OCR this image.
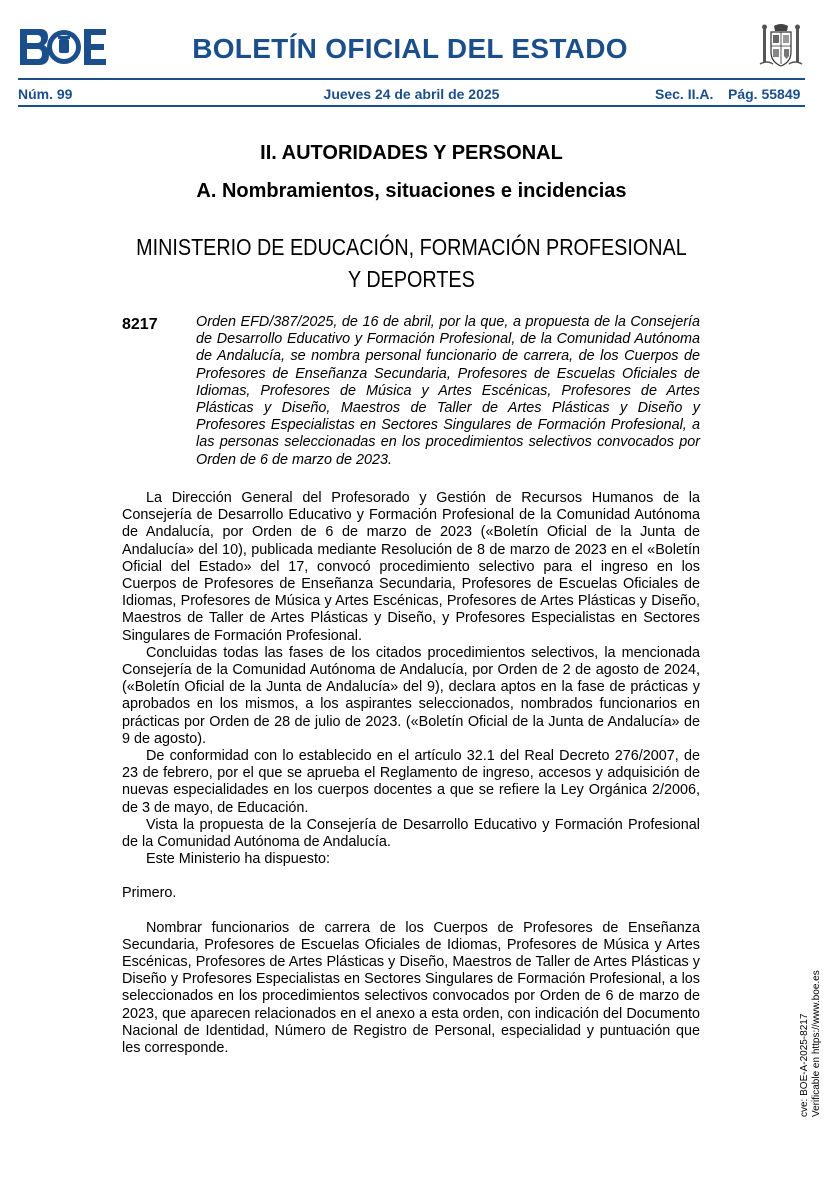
BOLETÍN OFICIAL DEL ESTADO
Núm. 99	Jueves 24 de abril de 2025	Sec. II.A. Pág. 55849
II. AUTORIDADES Y PERSONAL
A. Nombramientos, situaciones e incidencias
MINISTERIO DE EDUCACIÓN, FORMACIÓN PROFESIONAL
Y DEPORTES
8217	Orden EFD/387/2025, de 16 de abril, por la que, a propuesta de la Consejería de Desarrollo Educativo y Formación Profesional, de la Comunidad Autónoma de Andalucía, se nombra personal funcionario de carrera, de los Cuerpos de Profesores de Enseñanza Secundaria, Profesores de Escuelas Oficiales de Idiomas, Profesores de Música y Artes Escénicas, Profesores de Artes Plásticas y Diseño, Maestros de Taller de Artes Plásticas y Diseño y Profesores Especialistas en Sectores Singulares de Formación Profesional, a las personas seleccionadas en los procedimientos selectivos convocados por Orden de 6 de marzo de 2023.

La Dirección General del Profesorado y Gestión de Recursos Humanos de la Consejería de Desarrollo Educativo y Formación Profesional de la Comunidad Autónoma de Andalucía, por Orden de 6 de marzo de 2023 («Boletín Oficial de la Junta de Andalucía» del 10), publicada mediante Resolución de 8 de marzo de 2023 en el «Boletín Oficial del Estado» del 17, convocó procedimiento selectivo para el ingreso en los Cuerpos de Profesores de Enseñanza Secundaria, Profesores de Escuelas Oficiales de Idiomas, Profesores de Música y Artes Escénicas, Profesores de Artes Plásticas y Diseño, Maestros de Taller de Artes Plásticas y Diseño, y Profesores Especialistas en Sectores Singulares de Formación Profesional.

Concluidas todas las fases de los citados procedimientos selectivos, la mencionada Consejería de la Comunidad Autónoma de Andalucía, por Orden de 2 de agosto de 2024, («Boletín Oficial de la Junta de Andalucía» del 9), declara aptos en la fase de prácticas y aprobados en los mismos, a los aspirantes seleccionados, nombrados funcionarios en prácticas por Orden de 28 de julio de 2023. («Boletín Oficial de la Junta de Andalucía» de 9 de agosto).

De conformidad con lo establecido en el artículo 32.1 del Real Decreto 276/2007, de 23 de febrero, por el que se aprueba el Reglamento de ingreso, accesos y adquisición de nuevas especialidades en los cuerpos docentes a que se refiere la Ley Orgánica 2/2006, de 3 de mayo, de Educación.

Vista la propuesta de la Consejería de Desarrollo Educativo y Formación Profesional de la Comunidad Autónoma de Andalucía.

Este Ministerio ha dispuesto:

Primero.

Nombrar funcionarios de carrera de los Cuerpos de Profesores de Enseñanza Secundaria, Profesores de Escuelas Oficiales de Idiomas, Profesores de Música y Artes Escénicas, Profesores de Artes Plásticas y Diseño, Maestros de Taller de Artes Plásticas y Diseño y Profesores Especialistas en Sectores Singulares de Formación Profesional, a los seleccionados en los procedimientos selectivos convocados por Orden de 6 de marzo de 2023, que aparecen relacionados en el anexo a esta orden, con indicación del Documento Nacional de Identidad, Número de Registro de Personal, especialidad y puntuación que les corresponde.	cve: BOE-A-2025-8217 Verificable en https://www.boe.es
